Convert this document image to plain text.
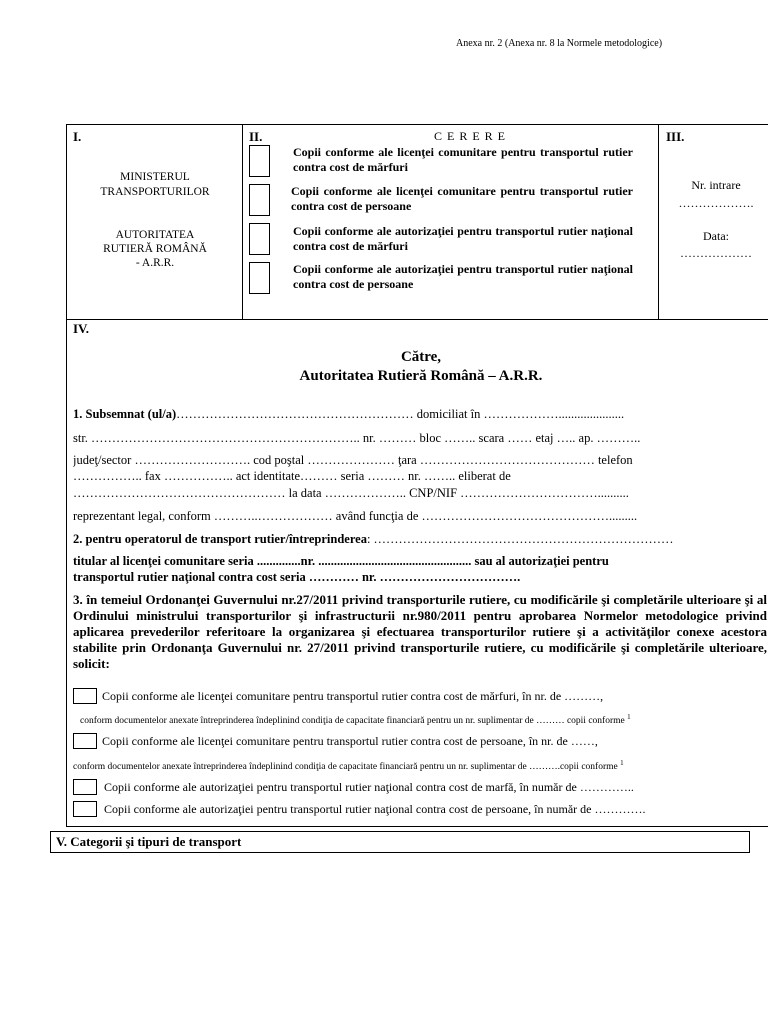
Anexa nr. 2 (Anexa nr. 8 la Normele metodologice)
I.
MINISTERUL
TRANSPORTURILOR
AUTORITATEA
RUTIERĂ ROMÂNĂ
- A.R.R.
II.	C E R E R E
Copii conforme ale licenţei comunitare pentru transportul rutier contra cost de mărfuri
Copii conforme ale licenţei comunitare pentru transportul rutier contra cost de persoane
Copii conforme ale autorizaţiei pentru transportul rutier naţional contra cost de mărfuri
Copii conforme ale autorizaţiei pentru transportul rutier naţional contra cost de persoane
III.
Nr. intrare
……………….
Data:
………………
IV.
Către,
Autoritatea Rutieră Română – A.R.R.
1. Subsemnat (ul/a)………………………………………………… domiciliat în ……………….....................
str. ……………………………………………………….. nr. ……… bloc …….. scara …… etaj ….. ap. ………..
judeţ/sector ………………………. cod poştal ………………… ţara …………………………………… telefon
…………….. fax …………….. act identitate……… seria ……… nr. …….. eliberat de
…………………………………………… la data ……………….. CNP/NIF ……………………………..........
reprezentant legal, conform ………..……………… având funcţia de ……………………………………….........
2. pentru operatorul de transport rutier/întreprinderea: ………………………………………………………………
titular al licenţei comunitare seria ..............nr. ................................................. sau al autorizaţiei pentru
transportul rutier naţional contra cost seria ………… nr. …………………………….
3. în temeiul Ordonanţei Guvernului nr.27/2011 privind transporturile rutiere, cu modificările şi completările ulterioare şi al Ordinului ministrului transporturilor şi infrastructurii nr.980/2011 pentru aprobarea Normelor metodologice privind aplicarea prevederilor referitoare la organizarea şi efectuarea transporturilor rutiere şi a activităţilor conexe acestora stabilite prin Ordonanţa Guvernului nr. 27/2011 privind transporturile rutiere, cu modificările şi completările ulterioare, solicit:
Copii conforme ale licenţei comunitare pentru transportul rutier contra cost de mărfuri, în nr. de ………,
conform documentelor anexate întreprinderea îndeplinind condiţia de capacitate financiară pentru un nr. suplimentar de ……… copii conforme $^1$
Copii conforme ale licenţei comunitare pentru transportul rutier contra cost de persoane, în nr. de ……,
conform documentelor anexate întreprinderea îndeplinind condiţia de capacitate financiară pentru un nr. suplimentar de ……….copii conforme $^1$
Copii conforme ale autorizaţiei pentru transportul rutier naţional contra cost de marfă, în număr de …………..
Copii conforme ale autorizaţiei pentru transportul rutier naţional contra cost de persoane, în număr de ………….
V. Categorii şi tipuri de transport
